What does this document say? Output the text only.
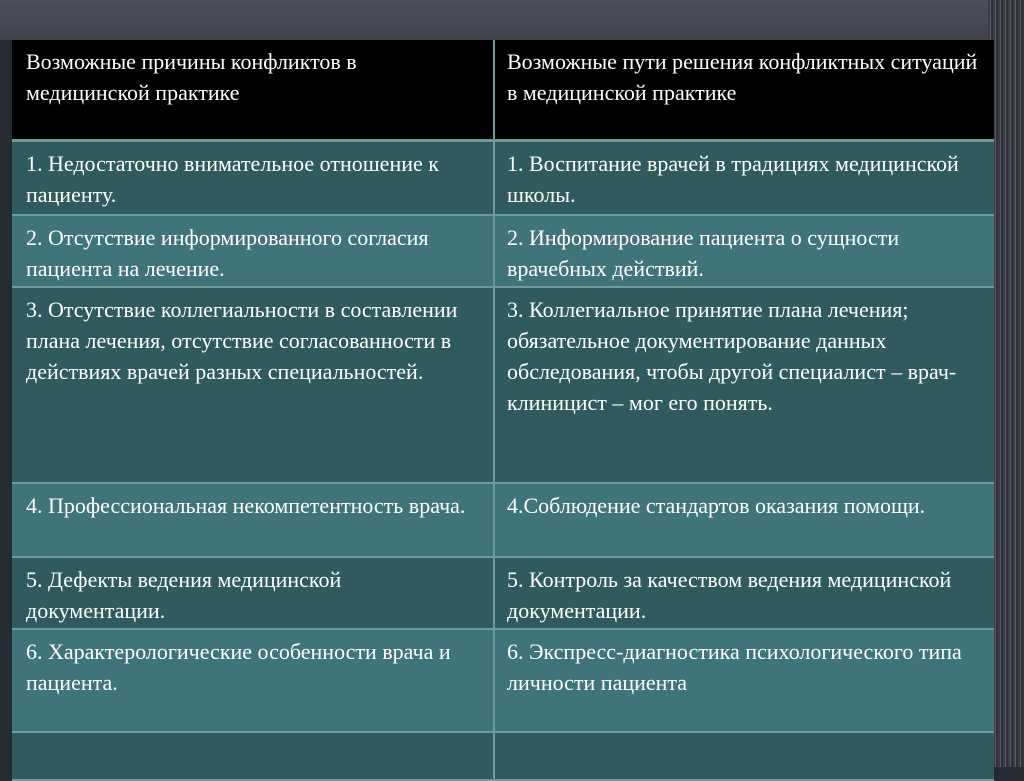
Возможные причины конфликтов в медицинской практике	Возможные пути решения конфликтных ситуаций в медицинской практике
1. Недостаточно внимательное отношение к пациенту.	1. Воспитание врачей в традициях медицинской школы.
2. Отсутствие информированного согласия пациента на лечение.	2. Информирование пациента о сущности врачебных действий.
3. Отсутствие коллегиальности в составлении плана лечения, отсутствие согласованности в действиях врачей разных специальностей.	3. Коллегиальное принятие плана лечения; обязательное документирование данных обследования, чтобы другой специалист – врач-клиницист – мог его понять.
4. Профессиональная некомпетентность врача.	4.Соблюдение стандартов оказания помощи.
5. Дефекты ведения медицинской документации.	5. Контроль за качеством ведения медицинской документации.
6. Характерологические особенности врача и пациента.	6. Экспресс-диагностика психологического типа личности пациента
